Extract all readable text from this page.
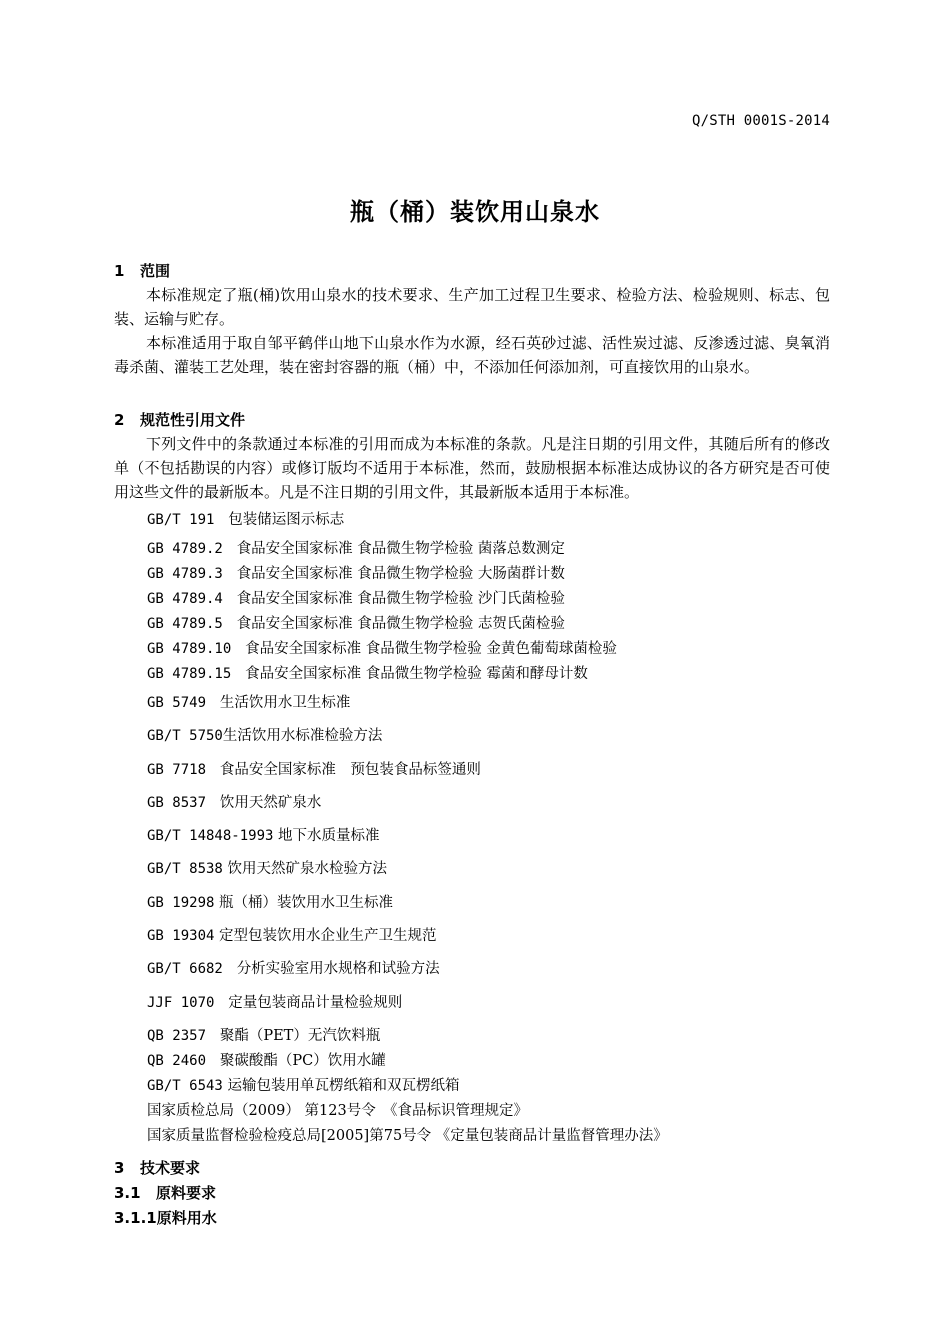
Q/STH 0001S-2014
瓶（桶）装饮用山泉水
1 范围

本标准规定了瓶(桶)饮用山泉水的技术要求、生产加工过程卫生要求、检验方法、检验规则、标志、包装、运输与贮存。

本标准适用于取自邹平鹤伴山地下山泉水作为水源，经石英砂过滤、活性炭过滤、反渗透过滤、臭氧消毒杀菌、灌装工艺处理，装在密封容器的瓶（桶）中，不添加任何添加剂，可直接饮用的山泉水。

2 规范性引用文件

下列文件中的条款通过本标准的引用而成为本标准的条款。凡是注日期的引用文件，其随后所有的修改单（不包括勘误的内容）或修订版均不适用于本标准，然而，鼓励根据本标准达成协议的各方研究是否可使用这些文件的最新版本。凡是不注日期的引用文件，其最新版本适用于本标准。

GB/T 191 包装储运图示标志
GB 4789.2 食品安全国家标准 食品微生物学检验 菌落总数测定
GB 4789.3 食品安全国家标准 食品微生物学检验 大肠菌群计数
GB 4789.4 食品安全国家标准 食品微生物学检验 沙门氏菌检验
GB 4789.5 食品安全国家标准 食品微生物学检验 志贺氏菌检验
GB 4789.10 食品安全国家标准 食品微生物学检验 金黄色葡萄球菌检验
GB 4789.15 食品安全国家标准 食品微生物学检验 霉菌和酵母计数
GB 5749 生活饮用水卫生标准
GB/T 5750生活饮用水标准检验方法
GB 7718 食品安全国家标准　预包装食品标签通则
GB 8537 饮用天然矿泉水
GB/T 14848-1993 地下水质量标准
GB/T 8538 饮用天然矿泉水检验方法
GB 19298 瓶（桶）装饮用水卫生标准
GB 19304 定型包装饮用水企业生产卫生规范
GB/T 6682 分析实验室用水规格和试验方法
JJF 1070 定量包装商品计量检验规则
QB 2357 聚酯（PET）无汽饮料瓶
QB 2460 聚碳酸酯（PC）饮用水罐
GB/T 6543 运输包装用单瓦楞纸箱和双瓦楞纸箱
国家质检总局（2009） 第123号令　《食品标识管理规定》
国家质量监督检验检疫总局[2005]第75号令 《定量包装商品计量监督管理办法》
3 技术要求
3.1 原料要求
3.1.1原料用水
